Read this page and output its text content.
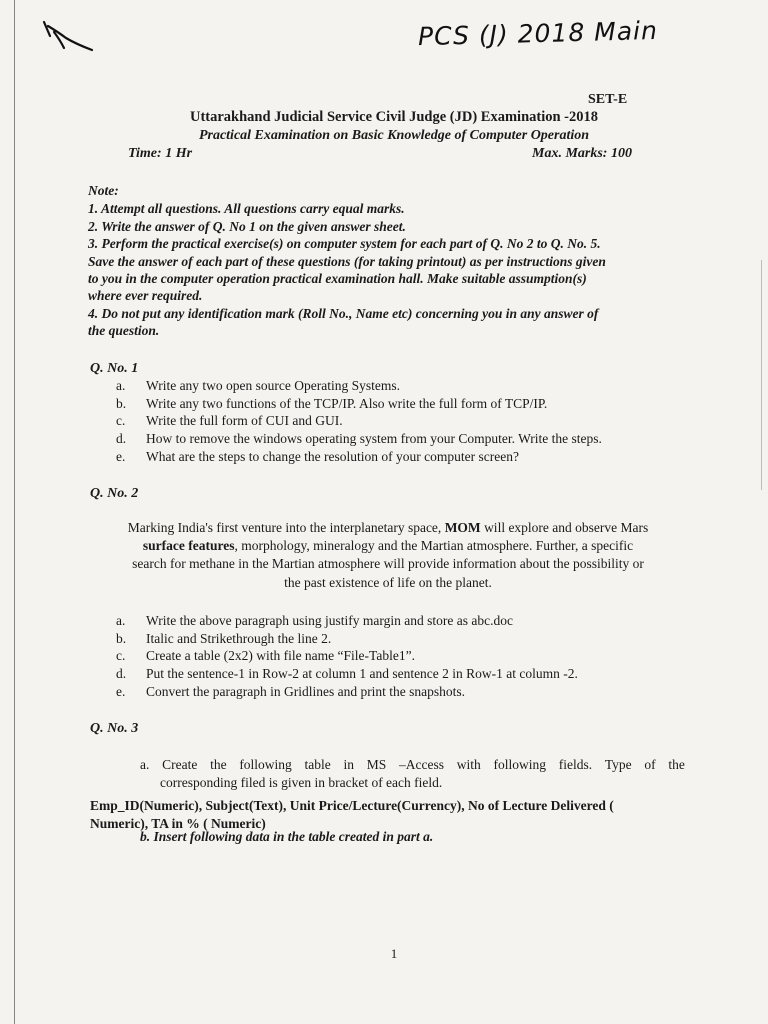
PCS (J) 2018 Main
SET-E
Uttarakhand Judicial Service Civil Judge (JD) Examination -2018
Practical Examination on Basic Knowledge of Computer Operation
Time: 1 Hr	Max. Marks: 100

Note:

1. Attempt all questions. All questions carry equal marks.

2. Write the answer of Q. No 1 on the given answer sheet.

3. Perform the practical exercise(s) on computer system for each part of Q. No 2 to Q. No. 5.

Save the answer of each part of these questions (for taking printout) as per instructions given

to you in the computer operation practical examination hall. Make suitable assumption(s)

where ever required.

4. Do not put any identification mark (Roll No., Name etc) concerning you in any answer of

the question.

Q. No. 1
a.	Write any two open source Operating Systems.
b.	Write any two functions of the TCP/IP. Also write the full form of TCP/IP.
c.	Write the full form of CUI and GUI.
d.	How to remove the windows operating system from your Computer. Write the steps.
e.	What are the steps to change the resolution of your computer screen?
Q. No. 2
Marking India's first venture into the interplanetary space, MOM will explore and observe Mars
surface features, morphology, mineralogy and the Martian atmosphere. Further, a specific
search for methane in the Martian atmosphere will provide information about the possibility or
the past existence of life on the planet.
a.	Write the above paragraph using justify margin and store as abc.doc
b.	Italic and Strikethrough the line 2.
c.	Create a table (2x2) with file name “File-Table1”.
d.	Put the sentence-1 in Row-2 at column 1 and sentence 2 in Row-1 at column -2.
e.	Convert the paragraph in Gridlines and print the snapshots.
Q. No. 3
a. Create the following table in MS –Access with following fields. Type of the
corresponding filed is given in bracket of each field.
Emp_ID(Numeric), Subject(Text), Unit Price/Lecture(Currency), No of Lecture Delivered (
Numeric), TA in % ( Numeric)
b. Insert following data in the table created in part a.
1
